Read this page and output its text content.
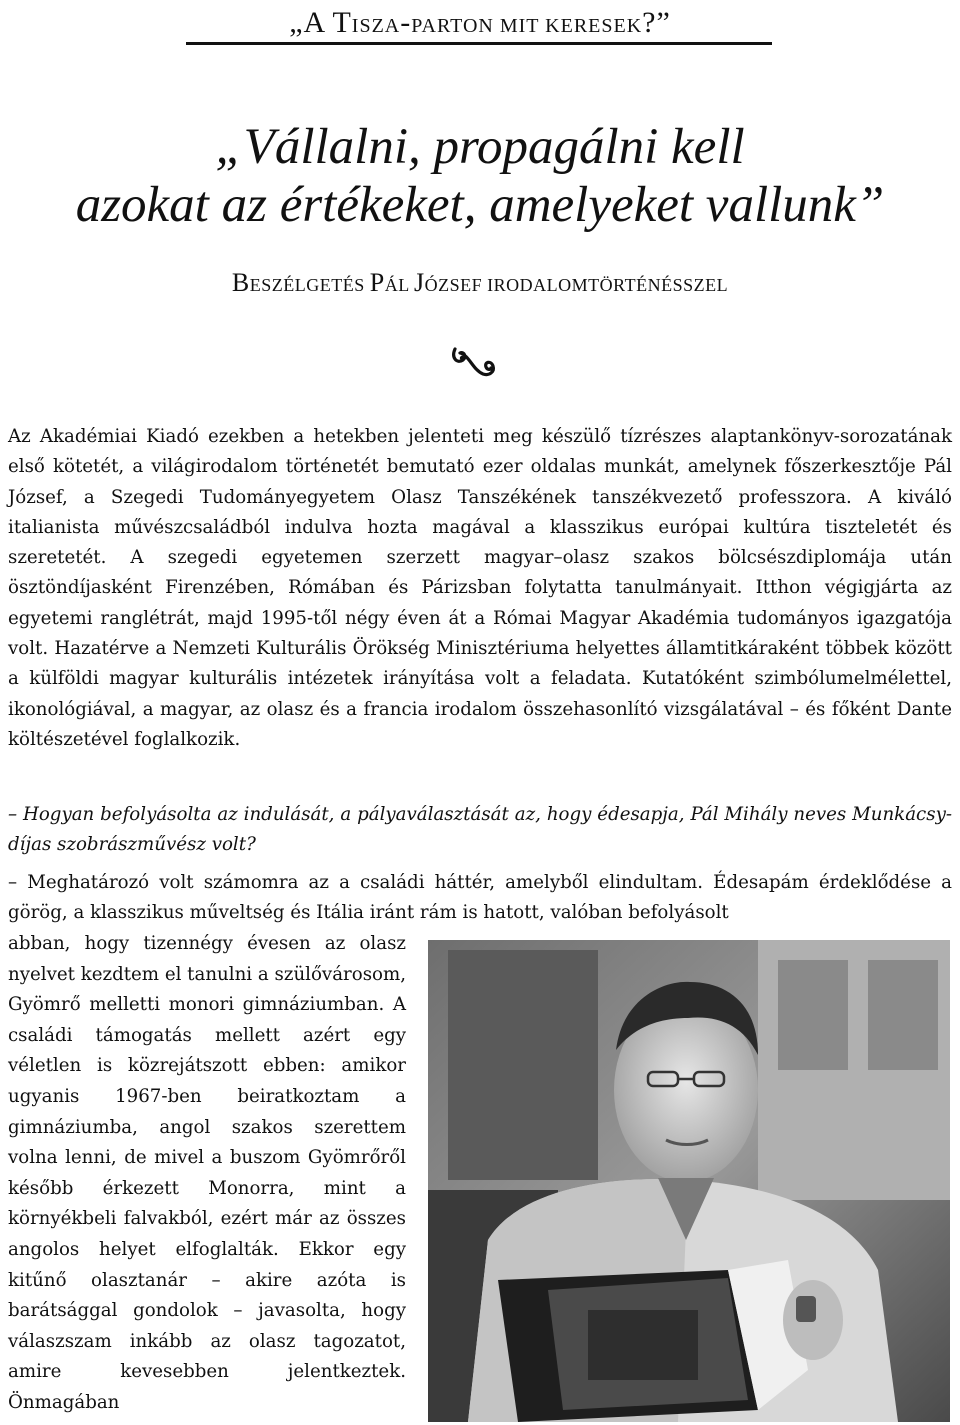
„A TISZA-PARTON MIT KERESEK?”
„Vállalni, propagálni kell
azokat az értékeket, amelyeket vallunk”
BESZÉLGETÉS PÁL JÓZSEF IRODALOMTÖRTÉNÉSSZEL

Az Akadémiai Kiadó ezekben a hetekben jelenteti meg készülő tízrészes alaptankönyv-sorozatának első kötetét, a világirodalom történetét bemutató ezer oldalas munkát, amelynek főszerkesztője Pál József, a Szegedi Tudományegyetem Olasz Tanszékének tanszékvezető professzora. A kiváló italianista művészcsaládból indulva hozta magával a klasszikus európai kultúra tiszteletét és szeretetét. A szegedi egyetemen szerzett magyar–olasz szakos bölcsészdiplomája után ösztöndíjasként Firenzében, Rómában és Párizsban folytatta tanulmányait. Itthon végigjárta az egyetemi ranglétrát, majd 1995-től négy éven át a Római Magyar Akadémia tudományos igazgatója volt. Hazatérve a Nemzeti Kulturális Örökség Minisztériuma helyettes államtitkáraként többek között a külföldi magyar kulturális intézetek irányítása volt a feladata. Kutatóként szimbólumelmélettel, ikonológiával, a magyar, az olasz és a francia irodalom összehasonlító vizsgálatával – és főként Dante költészetével foglalkozik.

– Hogyan befolyásolta az indulását, a pályaválasztását az, hogy édesapja, Pál Mihály neves Munkácsy-díjas szobrászművész volt?

– Meghatározó volt számomra az a családi háttér, amelyből elindultam. Édesapám érdeklődése a görög, a klasszikus műveltség és Itália iránt rám is hatott, valóban befolyásolt

abban, hogy tizennégy évesen az olasz nyelvet kezdtem el tanulni a szülővárosom, Gyömrő melletti monori gimnáziumban. A családi támogatás mellett azért egy véletlen is közrejátszott ebben: amikor ugyanis 1967-ben beiratkoztam a gimnáziumba, angol szakos szerettem volna lenni, de mivel a buszom Gyömrőről később érkezett Monorra, mint a környékbeli falvakból, ezért már az összes angolos helyet elfoglalták. Ekkor egy kitűnő olasztanár – akire azóta is barátsággal gondolok – javasolta, hogy válaszszam inkább az olasz tagozatot, amire kevesebben jelentkeztek. Önmagában
